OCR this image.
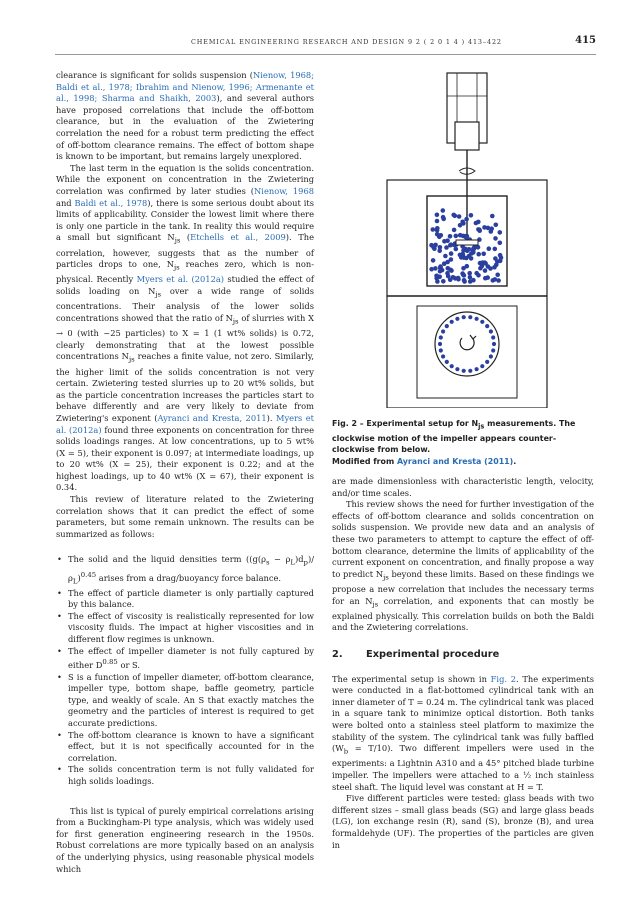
CHEMICAL ENGINEERING RESEARCH AND DESIGN 9 2 ( 2 0 1 4 ) 413–422	415

clearance is significant for solids suspension (Nienow, 1968; Baldi et al., 1978; Ibrahim and Nienow, 1996; Armenante et al., 1998; Sharma and Shaikh, 2003), and several authors have proposed correlations that include the off-bottom clearance, but in the evaluation of the Zwietering correlation the need for a robust term predicting the effect of off-bottom clearance remains. The effect of bottom shape is known to be important, but remains largely unexplored.

The last term in the equation is the solids concentration. While the exponent on concentration in the Zwietering correlation was confirmed by later studies (Nienow, 1968 and Baldi et al., 1978), there is some serious doubt about its limits of applicability. Consider the lowest limit where there is only one particle in the tank. In reality this would require a small but significant $N_{js}$ (Etchells et al., 2009). The correlation, however, suggests that as the number of particles drops to one, $N_{js}$ reaches zero, which is non-physical. Recently Myers et al. (2012a) studied the effect of solids loading on $N_{js}$ over a wide range of solids concentrations. Their analysis of the lower solids concentrations showed that the ratio of $N_{js}$ of slurries with X → 0 (with ~25 particles) to X = 1 (1 wt% solids) is 0.72, clearly demonstrating that at the lowest possible concentrations $N_{js}$ reaches a finite value, not zero. Similarly, the higher limit of the solids concentration is not very certain. Zwietering tested slurries up to 20 wt% solids, but as the particle concentration increases the particles start to behave differently and are very likely to deviate from Zwietering's exponent (Ayranci and Kresta, 2011). Myers et al. (2012a) found three exponents on concentration for three solids loadings ranges. At low concentrations, up to 5 wt% (X = 5), their exponent is 0.097; at intermediate loadings, up to 20 wt% (X = 25), their exponent is 0.22; and at the highest loadings, up to 40 wt% (X = 67), their exponent is 0.34.

This review of literature related to the Zwietering correlation shows that it can predict the effect of some parameters, but some remain unknown. The results can be summarized as follows:

• The solid and the liquid densities term $((g(\rho_s - \rho_L)d_p)/\rho_L)^{0.45}$ arises from a drag/buoyancy force balance.
• The effect of particle diameter is only partially captured by this balance.
• The effect of viscosity is realistically represented for low viscosity fluids. The impact at higher viscosities and in different flow regimes is unknown.
• The effect of impeller diameter is not fully captured by either $D^{0.85}$ or S.
• S is a function of impeller diameter, off-bottom clearance, impeller type, bottom shape, baffle geometry, particle type, and weakly of scale. An S that exactly matches the geometry and the particles of interest is required to get accurate predictions.
• The off-bottom clearance is known to have a significant effect, but it is not specifically accounted for in the correlation.
• The solids concentration term is not fully validated for high solids loadings.

This list is typical of purely empirical correlations arising from a Buckingham-Pi type analysis, which was widely used for first generation engineering research in the 1950s. Robust correlations are more typically based on an analysis of the underlying physics, using reasonable physical models which

Fig. 2 – Experimental setup for $N_{js}$ measurements. The clockwise motion of the impeller appears counter-clockwise from below.
Modified from Ayranci and Kresta (2011).

are made dimensionless with characteristic length, velocity, and/or time scales.

This review shows the need for further investigation of the effects of off-bottom clearance and solids concentration on solids suspension. We provide new data and an analysis of these two parameters to attempt to capture the effect of off-bottom clearance, determine the limits of applicability of the current exponent on concentration, and finally propose a way to predict $N_{js}$ beyond these limits. Based on these findings we propose a new correlation that includes the necessary terms for an $N_{js}$ correlation, and exponents that can mostly be explained physically. This correlation builds on both the Baldi and the Zwietering correlations.

2. Experimental procedure

The experimental setup is shown in Fig. 2. The experiments were conducted in a flat-bottomed cylindrical tank with an inner diameter of T = 0.24 m. The cylindrical tank was placed in a square tank to minimize optical distortion. Both tanks were bolted onto a stainless steel platform to maximize the stability of the system. The cylindrical tank was fully baffled $(W_b = T/10)$. Two different impellers were used in the experiments: a Lightnin A310 and a 45° pitched blade turbine impeller. The impellers were attached to a ½ inch stainless steel shaft. The liquid level was constant at H = T.

Five different particles were tested: glass beads with two different sizes – small glass beads (SG) and large glass beads (LG), ion exchange resin (R), sand (S), bronze (B), and urea formaldehyde (UF). The properties of the particles are given in
